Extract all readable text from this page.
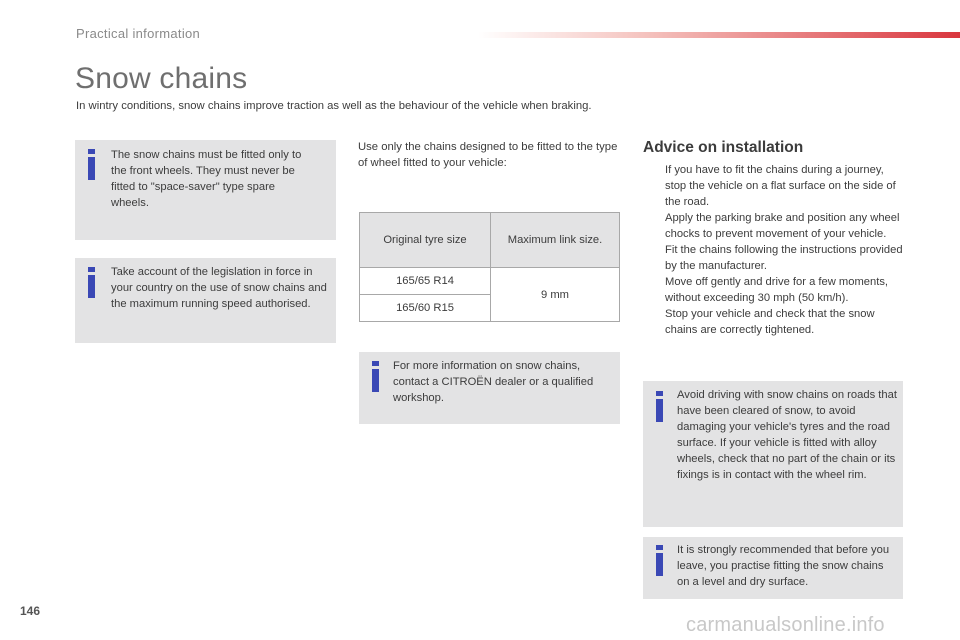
Practical information
Snow chains
In wintry conditions, snow chains improve traction as well as the behaviour of the vehicle when braking.
The snow chains must be fitted only to the front wheels. They must never be fitted to "space-saver" type spare wheels.
Take account of the legislation in force in your country on the use of snow chains and the maximum running speed authorised.
Use only the chains designed to be fitted to the type of wheel fitted to your vehicle:
Original tyre size	Maximum link size.
165/65 R14	9 mm
165/60 R15	
For more information on snow chains, contact a CITROËN dealer or a qualified workshop.
Advice on installation
If you have to fit the chains during a journey, stop the vehicle on a flat surface on the side of the road.
Apply the parking brake and position any wheel chocks to prevent movement of your vehicle.
Fit the chains following the instructions provided by the manufacturer.
Move off gently and drive for a few moments, without exceeding 30 mph (50 km/h).
Stop your vehicle and check that the snow chains are correctly tightened.
Avoid driving with snow chains on roads that have been cleared of snow, to avoid damaging your vehicle's tyres and the road surface. If your vehicle is fitted with alloy wheels, check that no part of the chain or its fixings is in contact with the wheel rim.
It is strongly recommended that before you leave, you practise fitting the snow chains on a level and dry surface.
146
carmanualsonline.info
